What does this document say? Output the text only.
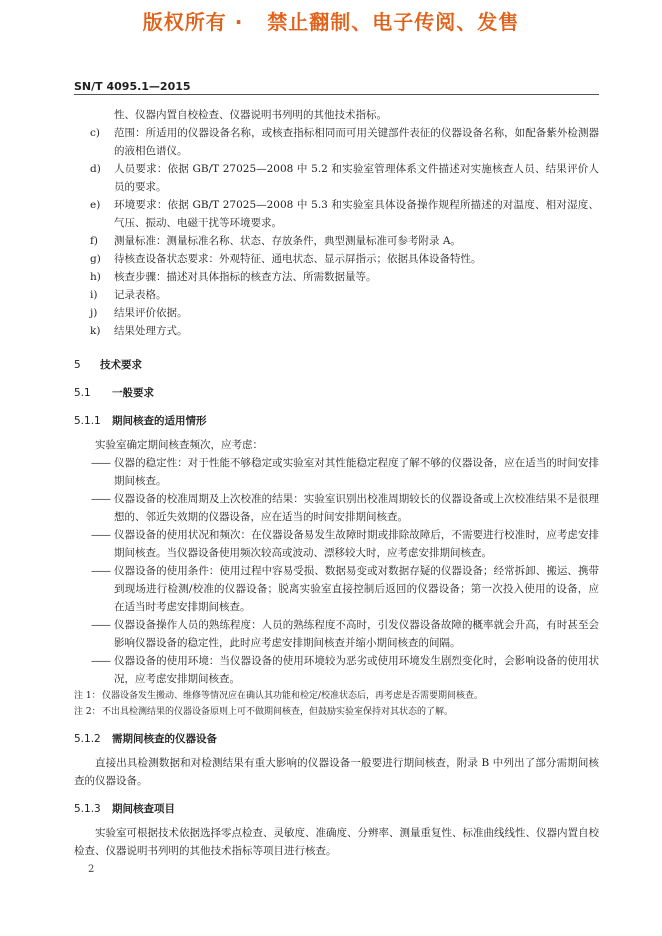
版权所有 ·   禁止翻制、电子传阅、发售
SN/T 4095.1—2015
性、仪器内置自校检查、仪器说明书列明的其他技术指标。
c)	范围：所适用的仪器设备名称，或核查指标相同而可用关键部件表征的仪器设备名称，如配备紫外检测器的液相色谱仪。
d)	人员要求：依据 GB/T 27025—2008 中 5.2 和实验室管理体系文件描述对实施核查人员、结果评价人员的要求。
e)	环境要求：依据 GB/T 27025—2008 中 5.3 和实验室具体设备操作规程所描述的对温度、相对湿度、气压、振动、电磁干扰等环境要求。
f)	测量标准：测量标准名称、状态、存放条件，典型测量标准可参考附录 A。
g)	待核查设备状态要求：外观特征、通电状态、显示屏指示；依据具体设备特性。
h)	核查步骤：描述对具体指标的核查方法、所需数据量等。
i)	记录表格。
j)	结果评价依据。
k)	结果处理方式。
5	技术要求
5.1	一般要求
5.1.1	期间核查的适用情形

实验室确定期间核查频次，应考虑：

—— 仪器的稳定性：对于性能不够稳定或实验室对其性能稳定程度了解不够的仪器设备，应在适当的时间安排期间核查。
—— 仪器设备的校准周期及上次校准的结果：实验室识别出校准周期较长的仪器设备或上次校准结果不是很理想的、邻近失效期的仪器设备，应在适当的时间安排期间核查。
—— 仪器设备的使用状况和频次：在仪器设备易发生故障时期或排除故障后，不需要进行校准时，应考虑安排期间核查。当仪器设备使用频次较高或波动、漂移较大时，应考虑安排期间核查。
—— 仪器设备的使用条件：使用过程中容易受损、数据易变或对数据存疑的仪器设备；经常拆卸、搬运、携带到现场进行检测/校准的仪器设备；脱离实验室直接控制后返回的仪器设备；第一次投入使用的设备，应在适当时考虑安排期间核查。
—— 仪器设备操作人员的熟练程度：人员的熟练程度不高时，引发仪器设备故障的概率就会升高，有时甚至会影响仪器设备的稳定性，此时应考虑安排期间核查并缩小期间核查的间隔。
—— 仪器设备的使用环境：当仪器设备的使用环境较为恶劣或使用环境发生剧烈变化时，会影响设备的使用状况，应考虑安排期间核查。
注 1： 仪器设备发生搬动、维修等情况应在确认其功能和检定/校准状态后，再考虑是否需要期间核查。
注 2： 不出具检测结果的仪器设备原则上可不做期间核查，但鼓励实验室保持对其状态的了解。
5.1.2	需期间核查的仪器设备

直接出具检测数据和对检测结果有重大影响的仪器设备一般要进行期间核查，附录 B 中列出了部分需期间核查的仪器设备。

5.1.3	期间核查项目

实验室可根据技术依据选择零点检查、灵敏度、准确度、分辨率、测量重复性、标准曲线线性、仪器内置自校检查、仪器说明书列明的其他技术指标等项目进行核查。

2
